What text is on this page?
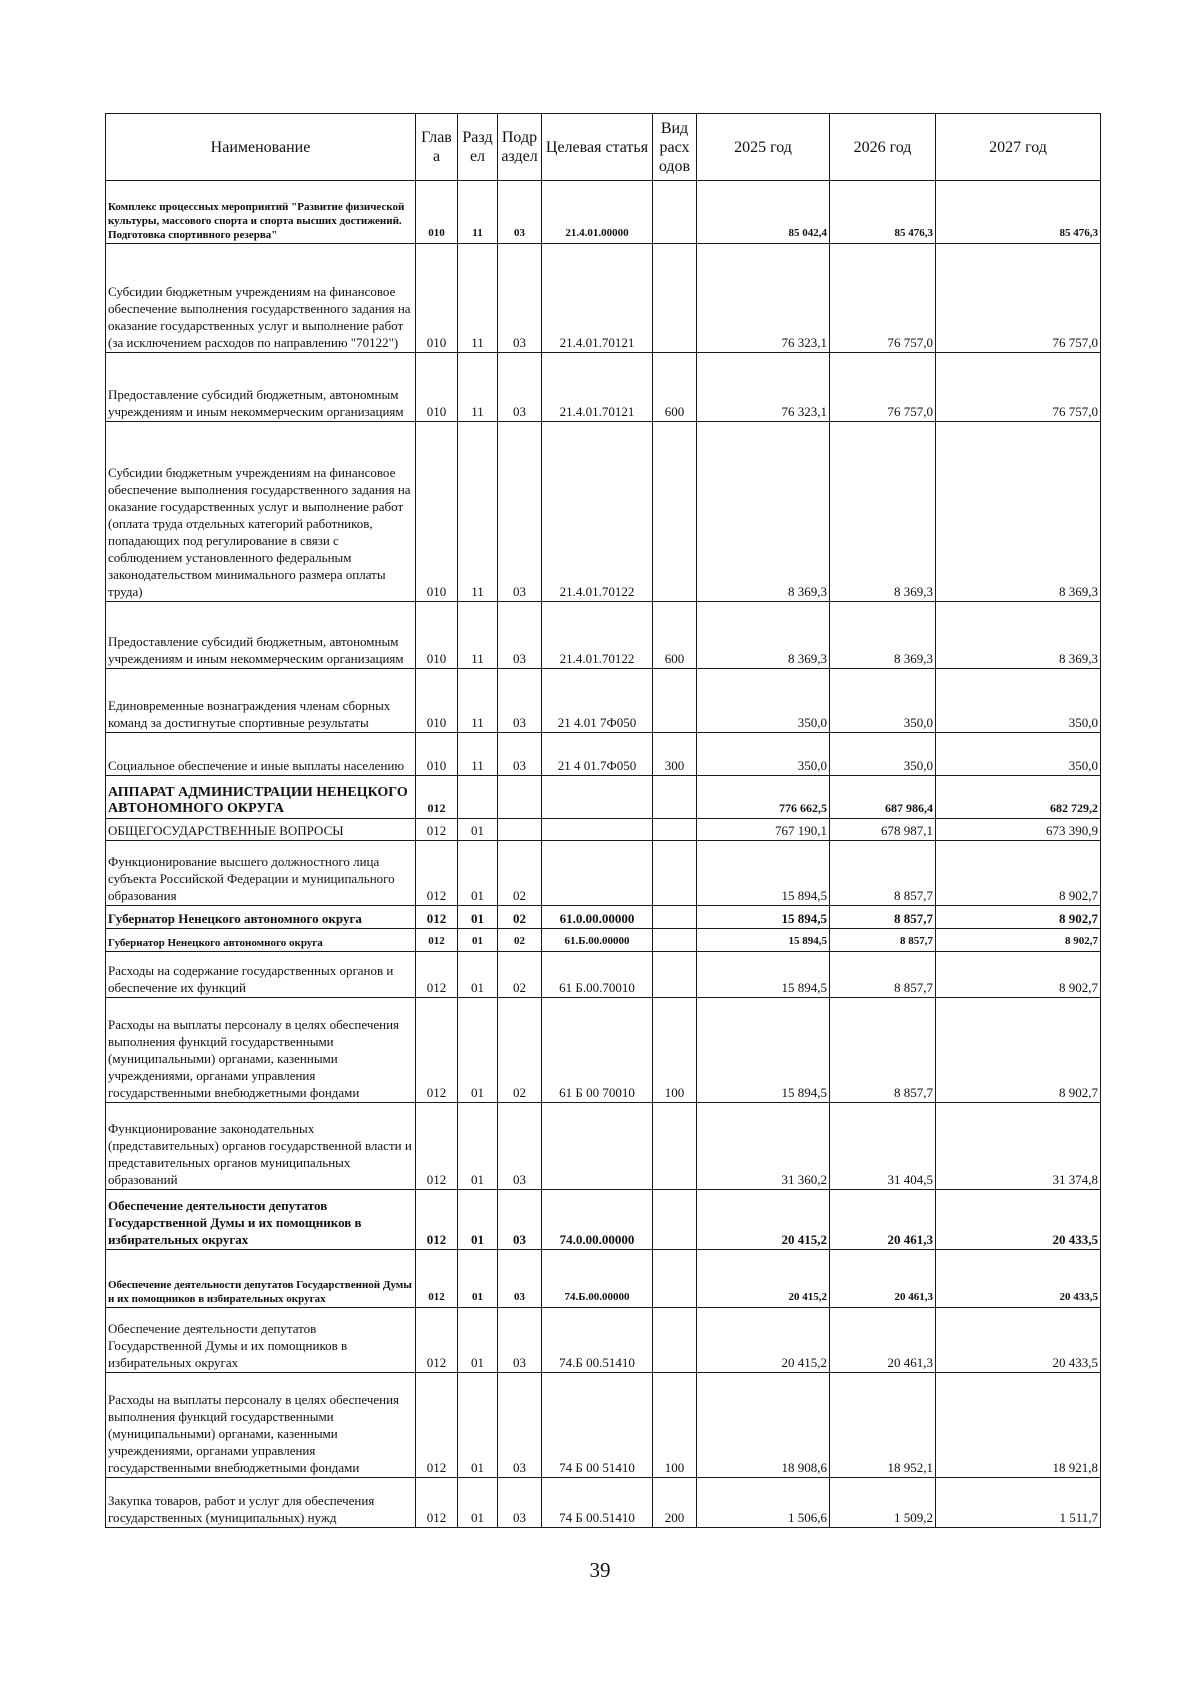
Наименование	Глав а	Разд ел	Подр аздел	Целевая статья	Вид расх одов	2025 год	2026 год	2027 год
Комплекс процессных мероприятий "Развитие физической культуры, массового спорта и спорта высших достижений. Подготовка спортивного резерва"	010	11	03	21.4.01.00000		85 042,4	85 476,3	85 476,3
Субсидии бюджетным учреждениям на финансовое обеспечение выполнения государственного задания на оказание государственных услуг и выполнение работ (за исключением расходов по направлению "70122")	010	11	03	21.4.01.70121		76 323,1	76 757,0	76 757,0
Предоставление субсидий бюджетным, автономным учреждениям и иным некоммерческим организациям	010	11	03	21.4.01.70121	600	76 323,1	76 757,0	76 757,0
Субсидии бюджетным учреждениям на финансовое обеспечение выполнения государственного задания на оказание государственных услуг и выполнение работ (оплата труда отдельных категорий работников, попадающих под регулирование в связи с соблюдением установленного федеральным законодательством минимального размера оплаты труда)	010	11	03	21.4.01.70122		8 369,3	8 369,3	8 369,3
Предоставление субсидий бюджетным, автономным учреждениям и иным некоммерческим организациям	010	11	03	21.4.01.70122	600	8 369,3	8 369,3	8 369,3
Единовременные вознаграждения членам сборных команд за достигнутые спортивные результаты	010	11	03	21 4.01 7Ф050		350,0	350,0	350,0
Социальное обеспечение и иные выплаты населению	010	11	03	21 4 01.7Ф050	300	350,0	350,0	350,0
АППАРАТ АДМИНИСТРАЦИИ НЕНЕЦКОГО АВТОНОМНОГО ОКРУГА	012					776 662,5	687 986,4	682 729,2
ОБЩЕГОСУДАРСТВЕННЫЕ ВОПРОСЫ	012	01				767 190,1	678 987,1	673 390,9
Функционирование высшего должностного лица субъекта Российской Федерации и муниципального образования	012	01	02			15 894,5	8 857,7	8 902,7
Губернатор Ненецкого автономного округа	012	01	02	61.0.00.00000		15 894,5	8 857,7	8 902,7
Губернатор Ненецкого автономного округа	012	01	02	61.Б.00.00000		15 894,5	8 857,7	8 902,7
Расходы на содержание государственных органов и обеспечение их функций	012	01	02	61 Б.00.70010		15 894,5	8 857,7	8 902,7
Расходы на выплаты персоналу в целях обеспечения выполнения функций государственными (муниципальными) органами, казенными учреждениями, органами управления государственными внебюджетными фондами	012	01	02	61 Б 00 70010	100	15 894,5	8 857,7	8 902,7
Функционирование законодательных (представительных) органов государственной власти и представительных органов муниципальных образований	012	01	03			31 360,2	31 404,5	31 374,8
Обеспечение деятельности депутатов Государственной Думы и их помощников в избирательных округах	012	01	03	74.0.00.00000		20 415,2	20 461,3	20 433,5
Обеспечение деятельности депутатов Государственной Думы и их помощников в избирательных округах	012	01	03	74.Б.00.00000		20 415,2	20 461,3	20 433,5
Обеспечение деятельности депутатов Государственной Думы и их помощников в избирательных округах	012	01	03	74.Б 00.51410		20 415,2	20 461,3	20 433,5
Расходы на выплаты персоналу в целях обеспечения выполнения функций государственными (муниципальными) органами, казенными учреждениями, органами управления государственными внебюджетными фондами	012	01	03	74 Б 00 51410	100	18 908,6	18 952,1	18 921,8
Закупка товаров, работ и услуг для обеспечения государственных (муниципальных) нужд	012	01	03	74 Б 00.51410	200	1 506,6	1 509,2	1 511,7
39
